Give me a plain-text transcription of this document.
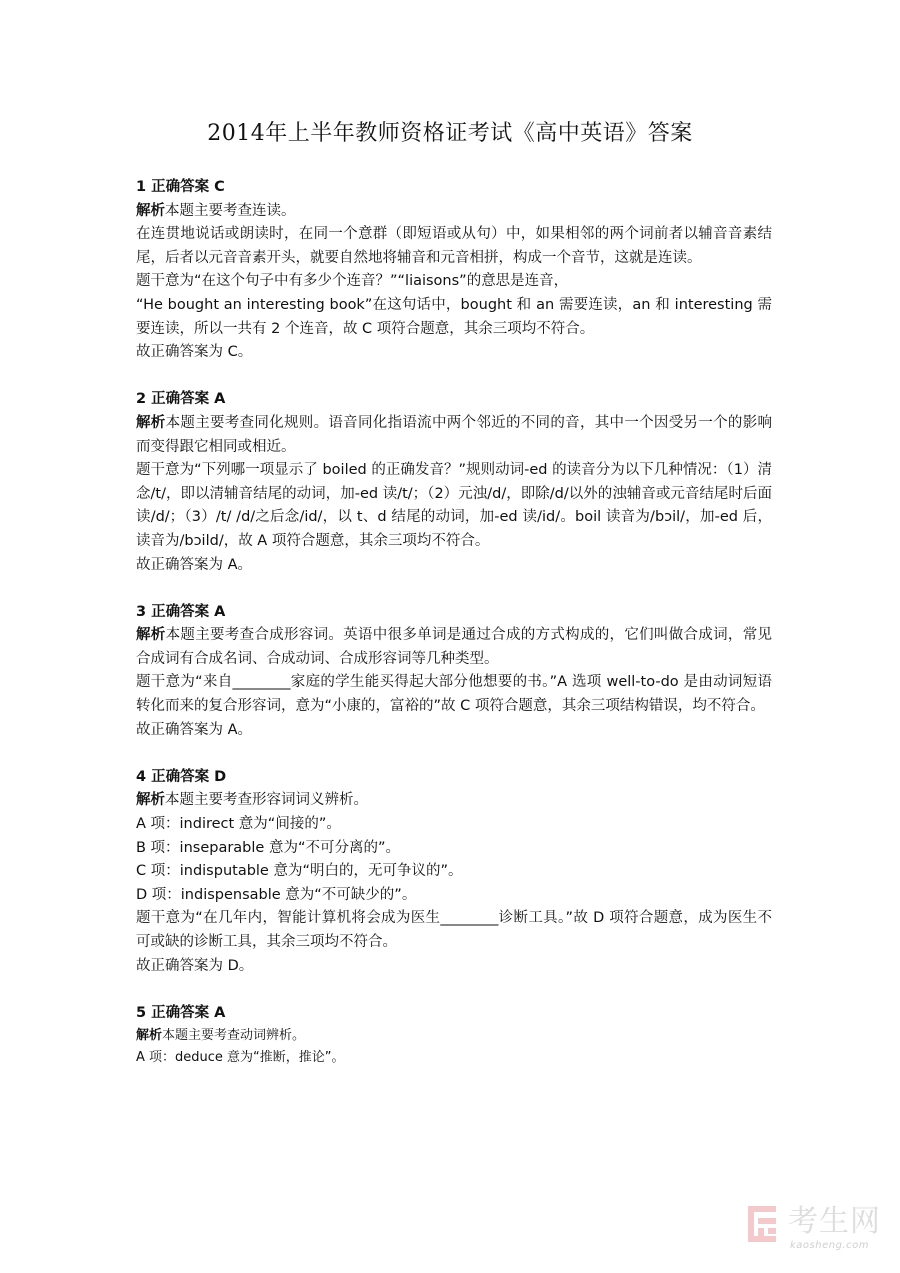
2014年上半年教师资格证考试《高中英语》答案
1 正确答案 C
解析本题主要考查连读。
在连贯地说话或朗读时，在同一个意群（即短语或从句）中，如果相邻的两个词前者以辅音音素结尾，后者以元音音素开头，就要自然地将辅音和元音相拼，构成一个音节，这就是连读。
题干意为“在这个句子中有多少个连音？”“liaisons”的意思是连音，
“He bought an interesting book”在这句话中，bought 和 an 需要连读，an 和 interesting 需要连读，所以一共有 2 个连音，故 C 项符合题意，其余三项均不符合。
故正确答案为 C。
2 正确答案 A
解析本题主要考查同化规则。语音同化指语流中两个邻近的不同的音，其中一个因受另一个的影响而变得跟它相同或相近。
题干意为“下列哪一项显示了 boiled 的正确发音？”规则动词-ed 的读音分为以下几种情况：（1）清念/t/，即以清辅音结尾的动词，加-ed 读/t/；（2）元浊/d/，即除/d/以外的浊辅音或元音结尾时后面读/d/；（3）/t/ /d/之后念/id/，以 t、d 结尾的动词，加-ed 读/id/。boil 读音为/bɔil/，加-ed 后，读音为/bɔild/，故 A 项符合题意，其余三项均不符合。
故正确答案为 A。
3 正确答案 A
解析本题主要考查合成形容词。英语中很多单词是通过合成的方式构成的，它们叫做合成词，常见合成词有合成名词、合成动词、合成形容词等几种类型。
题干意为“来自________家庭的学生能买得起大部分他想要的书。”A 选项 well-to-do 是由动词短语转化而来的复合形容词，意为“小康的，富裕的”故 C 项符合题意，其余三项结构错误，均不符合。
故正确答案为 A。
4 正确答案 D
解析本题主要考查形容词词义辨析。
A 项：indirect 意为“间接的”。
B 项：inseparable 意为“不可分离的”。
C 项：indisputable 意为“明白的，无可争议的”。
D 项：indispensable 意为“不可缺少的”。
题干意为“在几年内，智能计算机将会成为医生________诊断工具。”故 D 项符合题意，成为医生不可或缺的诊断工具，其余三项均不符合。
故正确答案为 D。
5 正确答案 A
解析本题主要考查动词辨析。
A 项：deduce 意为“推断，推论”。
考生网
kaosheng.com
